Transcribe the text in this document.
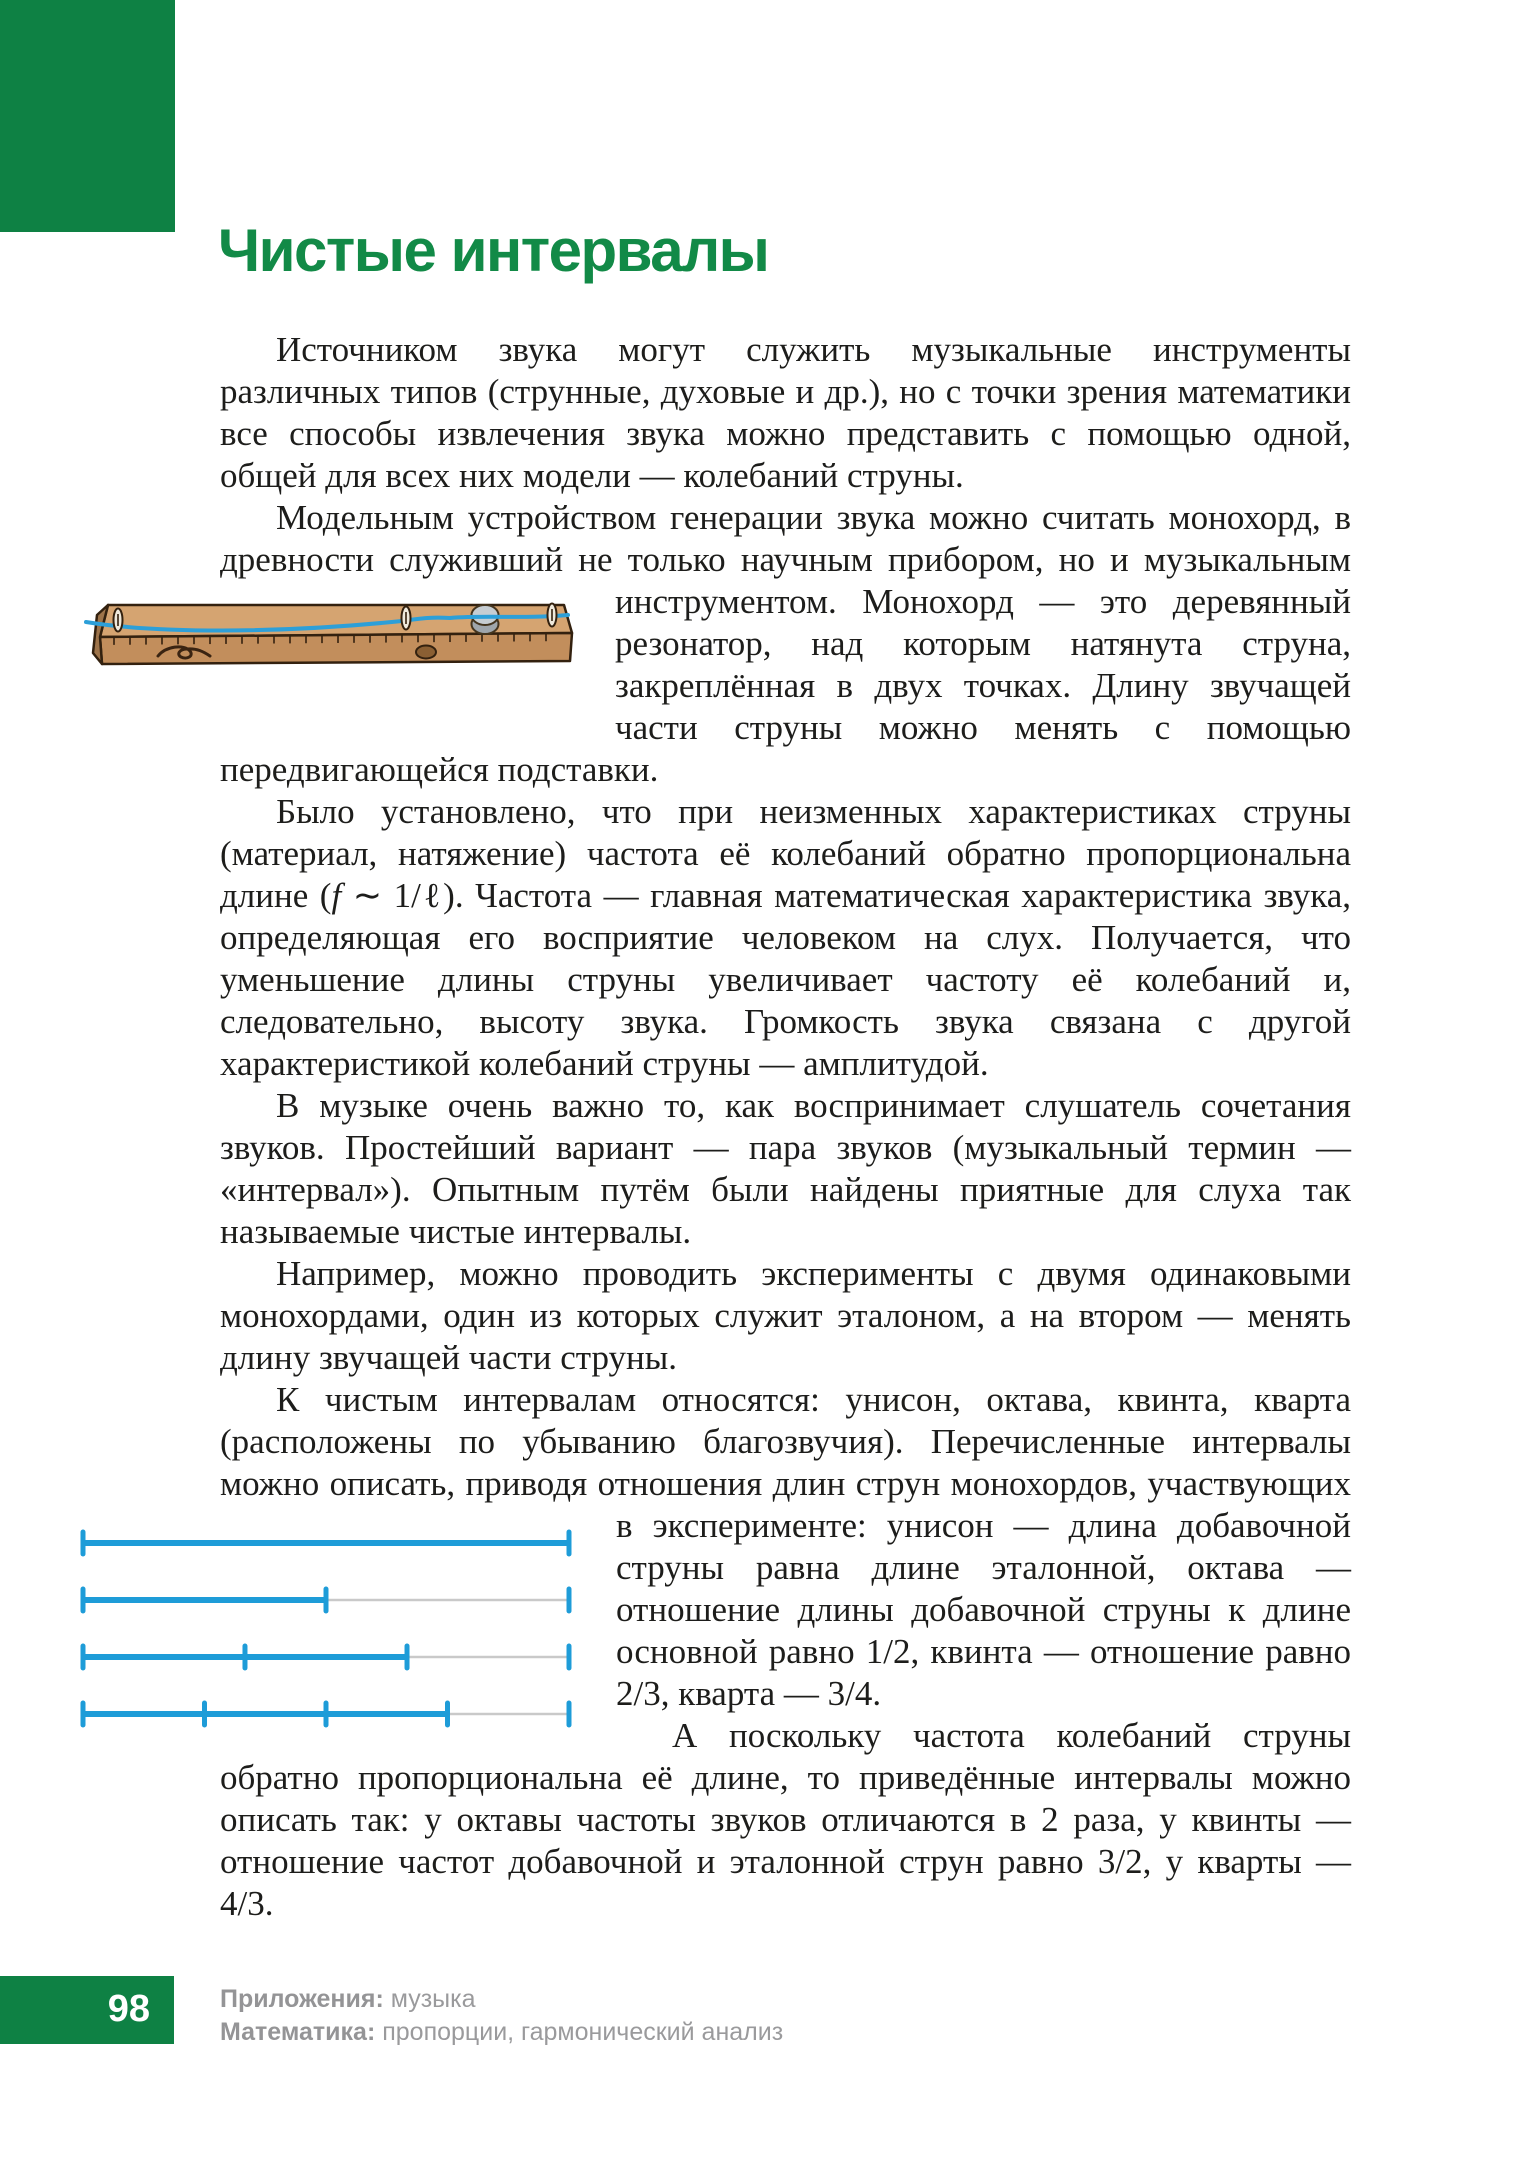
Чистые интервалы

Источником звука могут служить музыкальные инструменты различных типов (струнные, духовые и др.), но с точки зрения математики все способы извлечения звука можно представить с помощью одной, общей для всех них модели — колебаний струны.

Модельным устройством генерации звука можно считать монохорд, в древности служивший не только научным прибором, но и музыкальным инструментом. Монохорд — это деревянный резонатор, над которым натянута струна, закреплённая в двух точках. Длину звучащей части струны можно менять с помощью передвигающейся подставки.

Было установлено, что при неизменных характеристиках струны (материал, натяжение) частота её колебаний обратно пропорциональна длине (f ∼ 1/ℓ). Частота — главная математическая характеристика звука, определяющая его восприятие человеком на слух. Получается, что уменьшение длины струны увеличивает частоту её колебаний и, следовательно, высоту звука. Громкость звука связана с другой характеристикой колебаний струны — амплитудой.

В музыке очень важно то, как воспринимает слушатель сочетания звуков. Простейший вариант — пара звуков (музыкальный термин — «интервал»). Опытным путём были найдены приятные для слуха так называемые чистые интервалы.

Например, можно проводить эксперименты с двумя одинаковыми монохордами, один из которых служит эталоном, а на втором — менять длину звучащей части струны.

К чистым интервалам относятся: унисон, октава, квинта, кварта (расположены по убыванию благозвучия). Перечисленные интервалы можно описать, приводя отношения длин струн монохордов, участвующих в эксперименте: унисон — длина добавочной струны равна длине эталонной, октава — отношение длины добавочной струны к длине основной равно 1/2, квинта — отношение равно 2/3, кварта — 3/4.

А поскольку частота колебаний струны обратно пропорциональна её длине, то приведённые интервалы можно описать так: у октавы частоты звуков отличаются в 2 раза, у квинты — отношение частот добавочной и эталонной струн равно 3/2, у кварты — 4/3.

98	Приложения: музыка
Математика: пропорции, гармонический анализ
